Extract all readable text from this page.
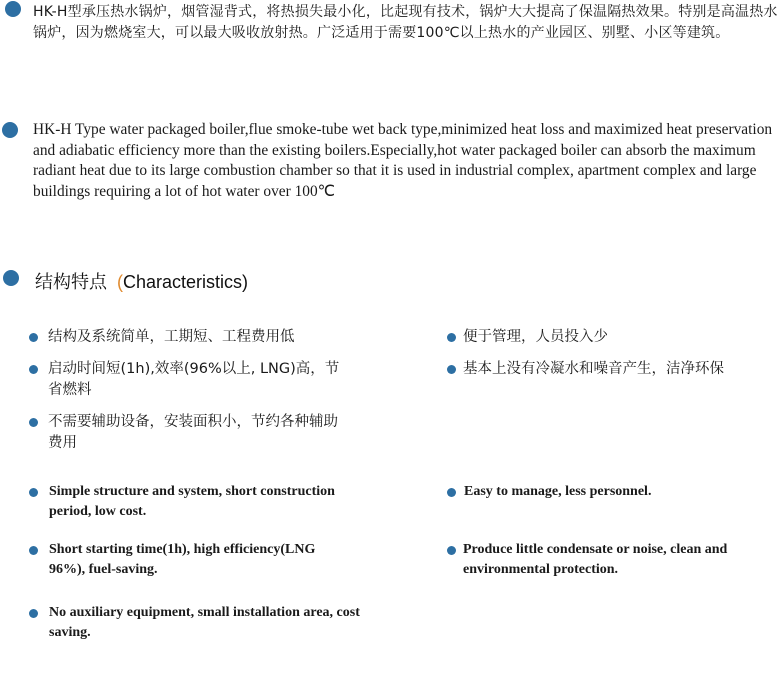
HK-H型承压热水锅炉，烟管湿背式，将热损失最小化，比起现有技术，锅炉大大提高了保温隔热效果。特别是高温热水锅炉，因为燃烧室大，可以最大吸收放射热。广泛适用于需要100℃以上热水的产业园区、别墅、小区等建筑。
HK-H Type water packaged boiler,flue smoke-tube wet back type,minimized heat loss and maximized heat preservation and adiabatic efficiency more than the existing boilers.Especially,hot water packaged boiler can absorb the maximum radiant heat due to its large combustion chamber so that it is used in industrial complex, apartment complex and large buildings requiring a lot of hot water over 100℃
结构特点 (Characteristics)
结构及系统简单，工期短、工程费用低
启动时间短(1h),效率(96%以上, LNG)高，节省燃料
不需要辅助设备，安装面积小，节约各种辅助费用
便于管理，人员投入少
基本上没有冷凝水和噪音产生，洁净环保
Simple structure and system, short construction period, low cost.
Short starting time(1h), high efficiency(LNG 96%), fuel-saving.
No auxiliary equipment, small installation area, cost saving.
Easy to manage, less personnel.
Produce little condensate or noise, clean and environmental protection.
